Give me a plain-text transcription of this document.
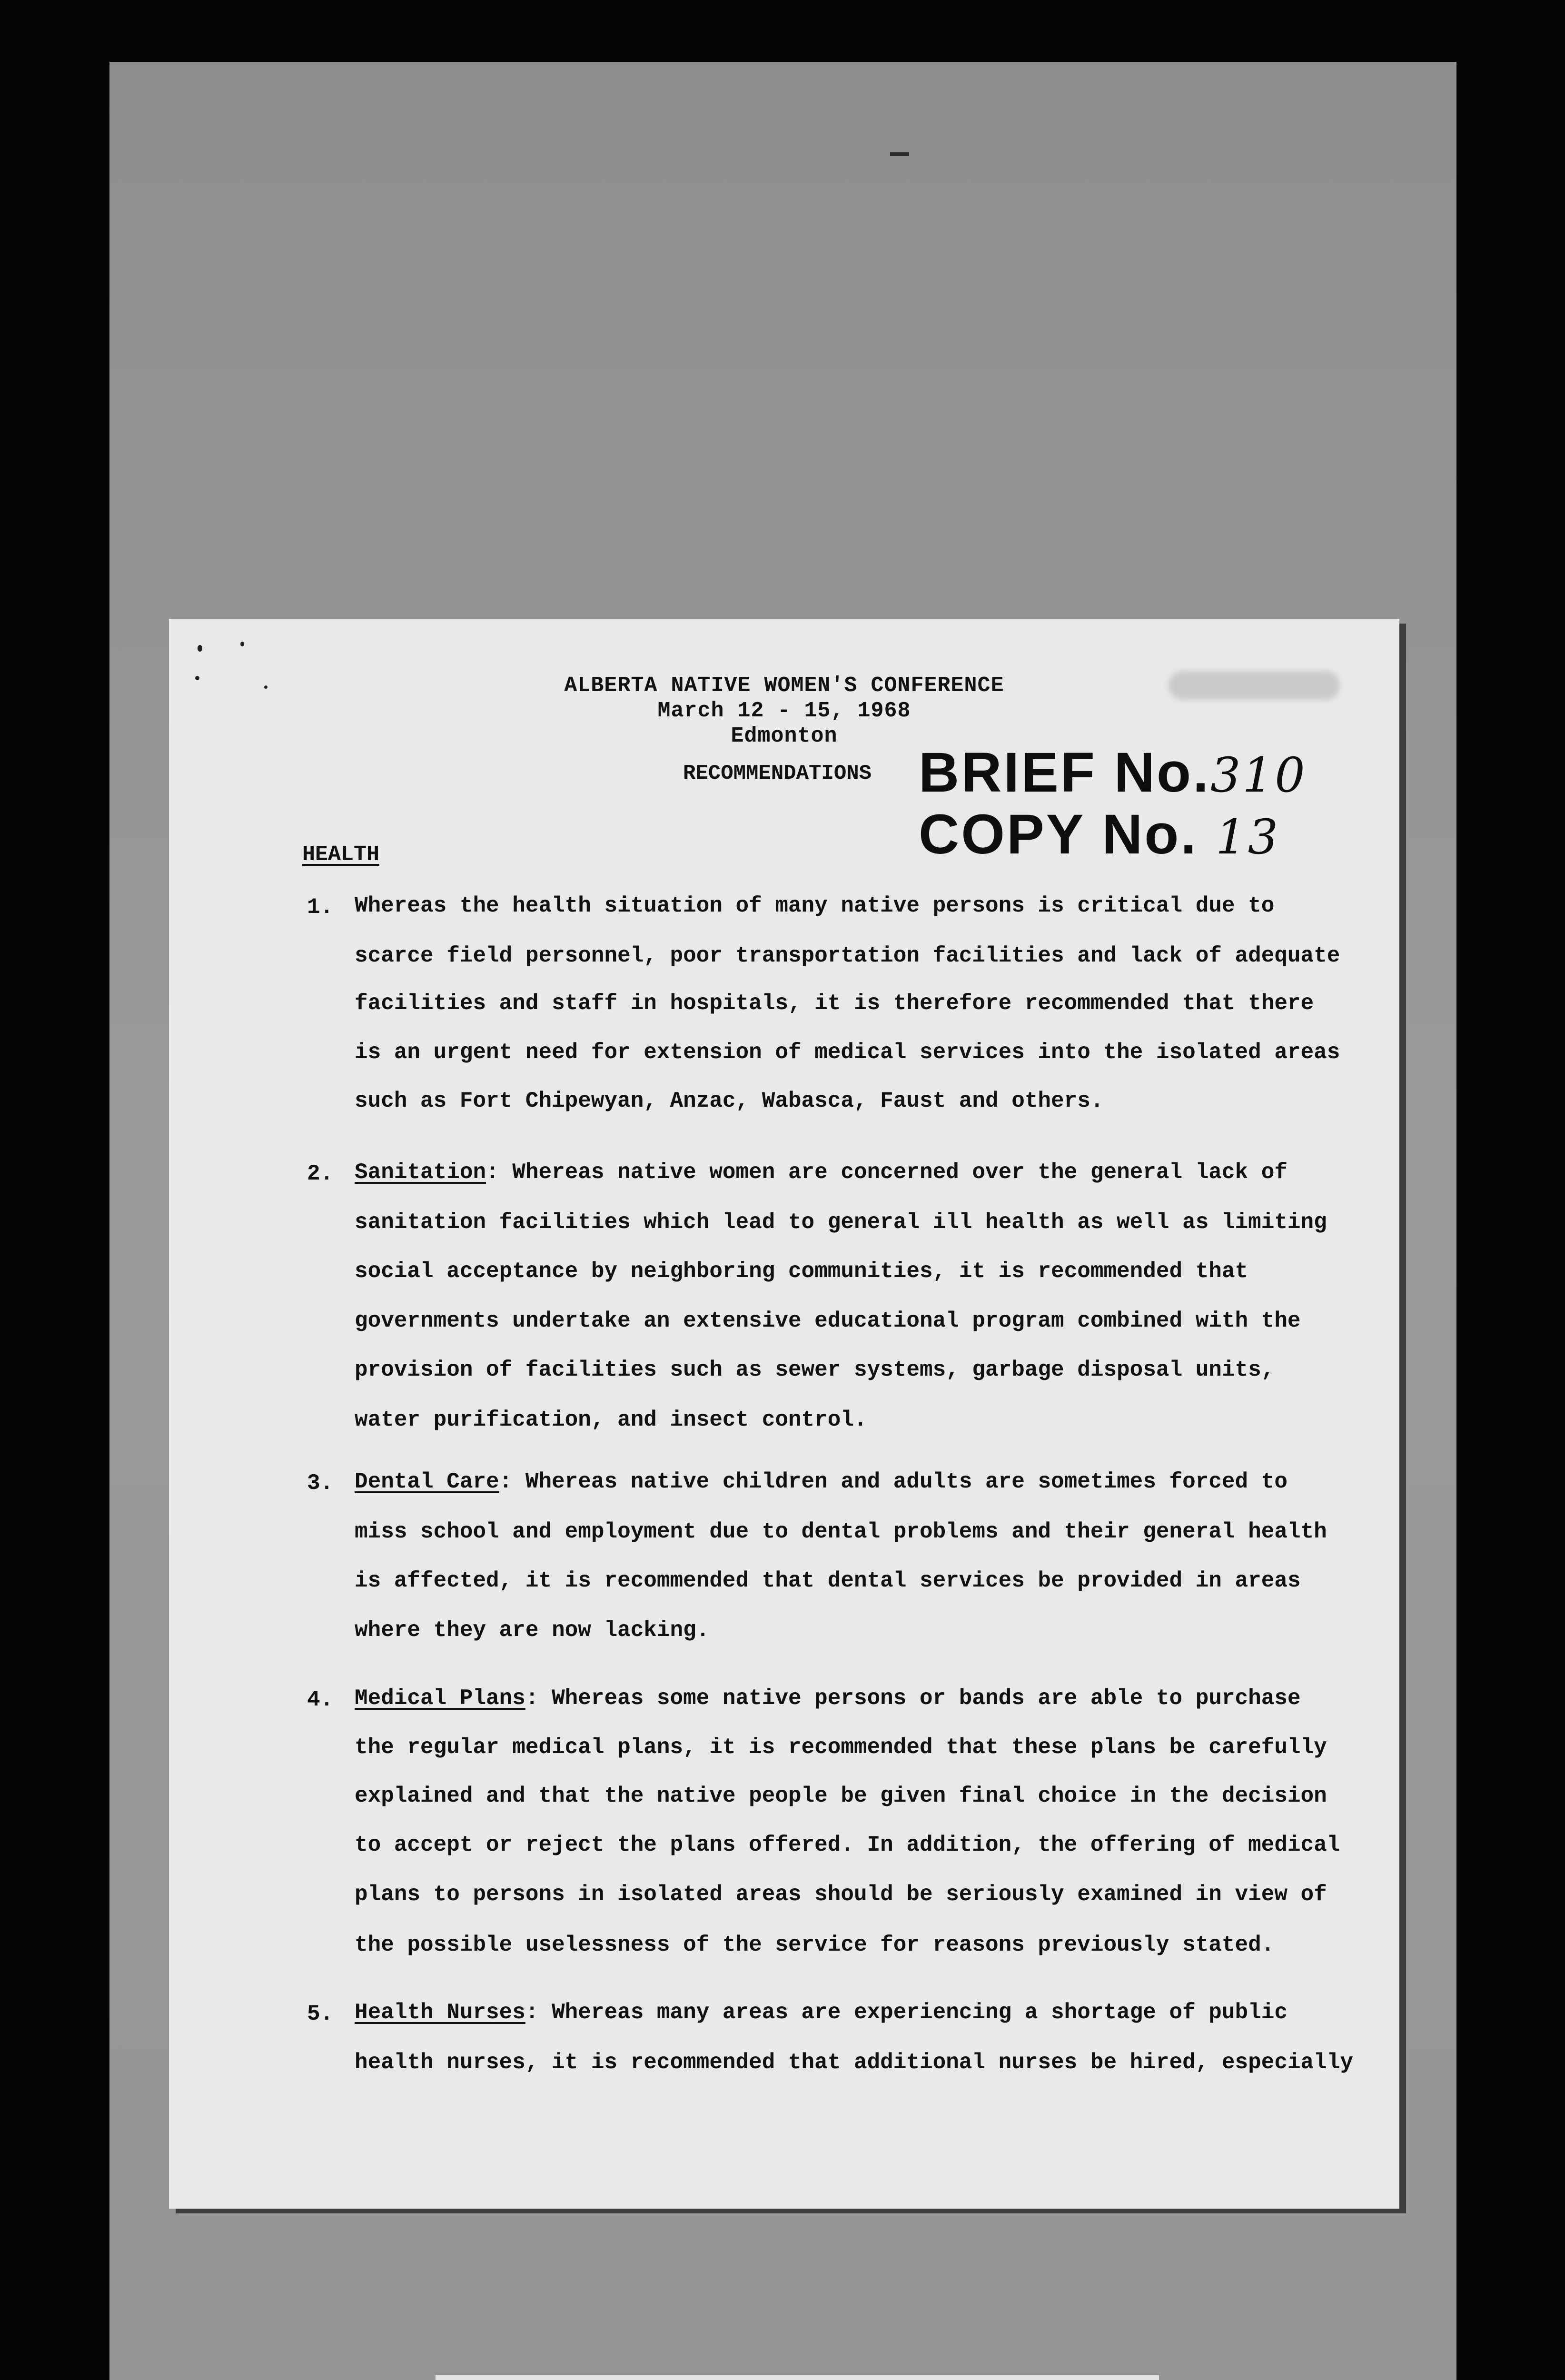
ALBERTA NATIVE WOMEN'S CONFERENCE
March 12 - 15, 1968
Edmonton
RECOMMENDATIONS BRIEF No.310
COPY No. 13
HEALTH
1. Whereas the health situation of many native persons is critical due to
scarce field personnel, poor transportation facilities and lack of adequate
facilities and staff in hospitals, it is therefore recommended that there
is an urgent need for extension of medical services into the isolated areas
such as Fort Chipewyan, Anzac, Wabasca, Faust and others.
2. Sanitation: Whereas native women are concerned over the general lack of
sanitation facilities which lead to general ill health as well as limiting
social acceptance by neighboring communities, it is recommended that
governments undertake an extensive educational program combined with the
provision of facilities such as sewer systems, garbage disposal units,
water purification, and insect control.
3. Dental Care: Whereas native children and adults are sometimes forced to
miss school and employment due to dental problems and their general health
is affected, it is recommended that dental services be provided in areas
where they are now lacking.
4. Medical Plans: Whereas some native persons or bands are able to purchase
the regular medical plans, it is recommended that these plans be carefully
explained and that the native people be given final choice in the decision
to accept or reject the plans offered. In addition, the offering of medical
plans to persons in isolated areas should be seriously examined in view of
the possible uselessness of the service for reasons previously stated.
5. Health Nurses: Whereas many areas are experiencing a shortage of public
health nurses, it is recommended that additional nurses be hired, especially
